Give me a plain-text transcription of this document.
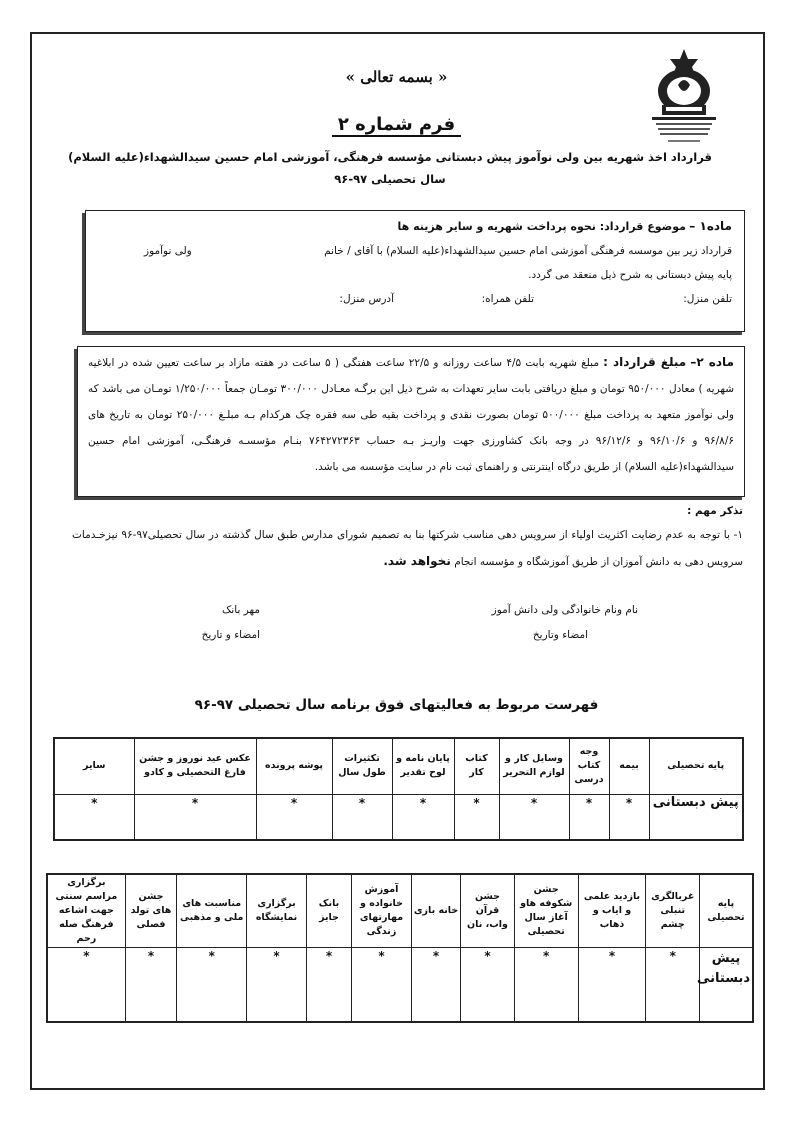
« بسمه تعالی »
فرم شماره ۲
قرارداد اخذ شهریه بین ولی نوآموز پیش دبستانی مؤسسه فرهنگی، آموزشی امام حسین سیدالشهداء(علیه السلام)
سال تحصیلی ۹۷-۹۶
ماده۱ – موضوع قرارداد: نحوه پرداخت شهریه و سایر هزینه ها
قرارداد زیر بین موسسه فرهنگی آموزشی امام حسین سیدالشهداء(علیه السلام) با آقای / خانم
ولی نوآموز
پایه پیش دبستانی به شرح ذیل منعقد می گردد.
تلفن منزل:
تلفن همراه:
آدرس منزل:
ماده ۲– مبلغ قرارداد : مبلغ شهریه بابت ۴/۵ ساعت روزانه و ۲۲/۵ ساعت هفتگی ( ۵ ساعت در هفته مازاد بر ساعت تعیین شده در ابلاغیه شهریه ) معادل ۹۵۰/۰۰۰ تومان و مبلغ دریافتی بابت سایر تعهدات به شرح ذیل این برگـه معـادل ۳۰۰/۰۰۰ تومـان جمعاً ۱/۲۵۰/۰۰۰ تومـان می باشد که ولی نوآموز متعهد به پرداخت مبلغ ۵۰۰/۰۰۰ تومان بصورت نقدی و پرداخت بقیه طی سه فقره چک هرکدام بـه مبلـغ ۲۵۰/۰۰۰ تومان به تاریخ های ۹۶/۸/۶ و ۹۶/۱۰/۶ و ۹۶/۱۲/۶ در وجه بانک کشاورزی جهت واریـز بـه حساب ۷۶۴۲۷۲۳۶۳ بنـام مؤسسـه فرهنگـی، آموزشی امام حسین سیدالشهداء(علیه السلام) از طریق درگاه اینترنتی و راهنمای ثبت نام در سایت مؤسسه می باشد.
تذکر مهم :
۱- با توجه به عدم رضایت اکثریت اولیاء از سرویس دهی مناسب شرکتها بنا به تصمیم شورای مدارس طبق سال گذشته در سال تحصیلی۹۷-۹۶ نیزخـدمات سرویس دهی به دانش آموزان از طریق آموزشگاه و مؤسسه انجام نخواهد شد.
نام ونام خانوادگی ولی دانش آموز
امضاء وتاریخ
مهر بانک
امضاء و تاریخ
فهرست مربوط به فعالیتهای فوق برنامه سال تحصیلی ۹۷-۹۶
پایه تحصیلی	بیمه	وجه کتاب درسی	وسایل کار و لوازم التحریر	کتاب کار	پایان نامه و لوح تقدیر	تکثیرات طول سال	پوشه پرونده	عکس عید نوروز و جشن فارغ التحصیلی و کادو	سایر
پیش دبستانی	*	*	*	*	*	*	*	*	*
پایه تحصیلی	غربالگری تنبلی چشم	بازدید علمی و ایاب و ذهاب	جشن شکوفه هاو آغاز سال تحصیلی	جشن قرآن واب، نان	خانه بازی	آموزش خانواده و مهارتهای زندگی	بانک جایز	برگزاری نمایشگاه	مناسبت های ملی و مذهبی	جشن های تولد فصلی	برگزاری مراسم سنتی جهت اشاعه فرهنگ صله رحم
پیش دبستانی	*	*	*	*	*	*	*	*	*	*	*
